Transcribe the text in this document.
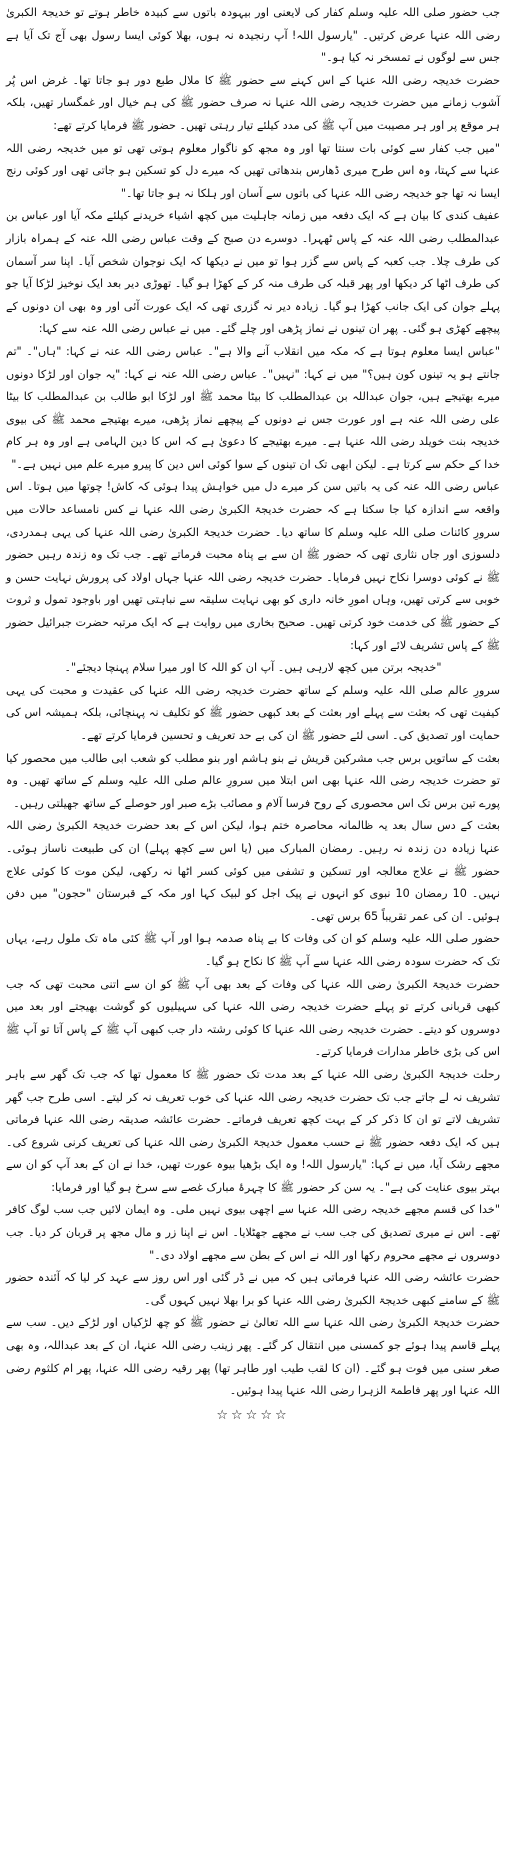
جب حضور صلی اللہ علیہ وسلم کفار کی لایعنی اور بیہودہ باتوں سے کبیدہ خاطر ہوتے تو خدیجۃ الکبریٰ رضی اللہ عنہا عرض کرتیں۔ "یارسول اللہ! آپ رنجیدہ نہ ہوں، بھلا کوئی ایسا رسول بھی آج تک آیا ہے جس سے لوگوں نے تمسخر نہ کیا ہو۔"

حضرت خدیجہ رضی اللہ عنہا کے اس کہنے سے حضور ﷺ کا ملال طبع دور ہو جاتا تھا۔ غرض اس پُر آشوب زمانے میں حضرت خدیجہ رضی اللہ عنہا نہ صرف حضور ﷺ کی ہم خیال اور غمگسار تھیں، بلکہ ہر موقع پر اور ہر مصیبت میں آپ ﷺ کی مدد کیلئے تیار رہتی تھیں۔ حضور ﷺ فرمایا کرتے تھے:

"میں جب کفار سے کوئی بات سنتا تھا اور وہ مجھ کو ناگوار معلوم ہوتی تھی تو میں خدیجہ رضی اللہ عنہا سے کہتا، وہ اس طرح میری ڈھارس بندھاتی تھیں کہ میرے دل کو تسکین ہو جاتی تھی اور کوئی رنج ایسا نہ تھا جو خدیجہ رضی اللہ عنہا کی باتوں سے آسان اور ہلکا نہ ہو جاتا تھا۔"

عفیف کندی کا بیان ہے کہ ایک دفعہ میں زمانہ جاہلیت میں کچھ اشیاء خریدنے کیلئے مکہ آیا اور عباس بن عبدالمطلب رضی اللہ عنہ کے پاس ٹھہرا۔ دوسرے دن صبح کے وقت عباس رضی اللہ عنہ کے ہمراہ بازار کی طرف چلا۔ جب کعبہ کے پاس سے گزر ہوا تو میں نے دیکھا کہ ایک نوجوان شخص آیا۔ اپنا سر آسمان کی طرف اٹھا کر دیکھا اور پھر قبلہ کی طرف منہ کر کے کھڑا ہو گیا۔ تھوڑی دیر بعد ایک نوخیز لڑکا آیا جو پہلے جوان کی ایک جانب کھڑا ہو گیا۔ زیادہ دیر نہ گزری تھی کہ ایک عورت آئی اور وہ بھی ان دونوں کے پیچھے کھڑی ہو گئی۔ پھر ان تینوں نے نماز پڑھی اور چلے گئے۔ میں نے عباس رضی اللہ عنہ سے کہا:

"عباس ایسا معلوم ہوتا ہے کہ مکہ میں انقلاب آنے والا ہے"۔ عباس رضی اللہ عنہ نے کہا: "ہاں"۔ "تم جانتے ہو یہ تینوں کون ہیں؟" میں نے کہا: "نہیں"۔ عباس رضی اللہ عنہ نے کہا: "یہ جوان اور لڑکا دونوں میرے بھتیجے ہیں، جوان عبداللہ بن عبدالمطلب کا بیٹا محمد ﷺ اور لڑکا ابو طالب بن عبدالمطلب کا بیٹا علی رضی اللہ عنہ ہے اور عورت جس نے دونوں کے پیچھے نماز پڑھی، میرے بھتیجے محمد ﷺ کی بیوی خدیجہ بنت خویلد رضی اللہ عنہا ہے۔ میرے بھتیجے کا دعویٰ ہے کہ اس کا دین الہامی ہے اور وہ ہر کام خدا کے حکم سے کرتا ہے۔ لیکن ابھی تک ان تینوں کے سوا کوئی اس دین کا پیرو میرے علم میں نہیں ہے۔"

عباس رضی اللہ عنہ کی یہ باتیں سن کر میرے دل میں خواہش پیدا ہوئی کہ کاش! چوتھا میں ہوتا۔ اس واقعہ سے اندازہ کیا جا سکتا ہے کہ حضرت خدیجۃ الکبریٰ رضی اللہ عنہا نے کس نامساعد حالات میں سرورِ کائنات صلی اللہ علیہ وسلم کا ساتھ دیا۔ حضرت خدیجۃ الکبریٰ رضی اللہ عنہا کی یہی ہمدردی، دلسوزی اور جاں نثاری تھی کہ حضور ﷺ ان سے بے پناہ محبت فرماتے تھے۔ جب تک وہ زندہ رہیں حضور ﷺ نے کوئی دوسرا نکاح نہیں فرمایا۔ حضرت خدیجہ رضی اللہ عنہا جہاں اولاد کی پرورش نہایت حسن و خوبی سے کرتی تھیں، وہاں امورِ خانہ داری کو بھی نہایت سلیقہ سے نباہتی تھیں اور باوجود تمول و ثروت کے حضور ﷺ کی خدمت خود کرتی تھیں۔ صحیح بخاری میں روایت ہے کہ ایک مرتبہ حضرت جبرائیل حضور ﷺ کے پاس تشریف لائے اور کہا:

"خدیجہ برتن میں کچھ لارہی ہیں۔ آپ ان کو اللہ کا اور میرا سلام پہنچا دیجئے"۔

سرورِ عالم صلی اللہ علیہ وسلم کے ساتھ حضرت خدیجہ رضی اللہ عنہا کی عقیدت و محبت کی یہی کیفیت تھی کہ بعثت سے پہلے اور بعثت کے بعد کبھی حضور ﷺ کو تکلیف نہ پہنچائی، بلکہ ہمیشہ اس کی حمایت اور تصدیق کی۔ اسی لئے حضور ﷺ ان کی بے حد تعریف و تحسین فرمایا کرتے تھے۔

بعثت کے ساتویں برس جب مشرکین قریش نے بنو ہاشم اور بنو مطلب کو شعب ابی طالب میں محصور کیا تو حضرت خدیجہ رضی اللہ عنہا بھی اس ابتلا میں سرورِ عالم صلی اللہ علیہ وسلم کے ساتھ تھیں۔ وہ پورے تین برس تک اس محصوری کے روح فرسا آلام و مصائب بڑے صبر اور حوصلے کے ساتھ جھیلتی رہیں۔

بعثت کے دس سال بعد یہ ظالمانہ محاصرہ ختم ہوا، لیکن اس کے بعد حضرت خدیجۃ الکبریٰ رضی اللہ عنہا زیادہ دن زندہ نہ رہیں۔ رمضان المبارک میں (یا اس سے کچھ پہلے) ان کی طبیعت ناساز ہوئی۔ حضور ﷺ نے علاج معالجہ اور تسکین و تشفی میں کوئی کسر اٹھا نہ رکھی، لیکن موت کا کوئی علاج نہیں۔ 10 رمضان 10 نبوی کو انہوں نے پیک اجل کو لبیک کہا اور مکہ کے قبرستان "حجون" میں دفن ہوئیں۔ ان کی عمر تقریباً 65 برس تھی۔

حضور صلی اللہ علیہ وسلم کو ان کی وفات کا بے پناہ صدمہ ہوا اور آپ ﷺ کئی ماہ تک ملول رہے، یہاں تک کہ حضرت سودہ رضی اللہ عنہا سے آپ ﷺ کا نکاح ہو گیا۔

حضرت خدیجۃ الکبریٰ رضی اللہ عنہا کی وفات کے بعد بھی آپ ﷺ کو ان سے اتنی محبت تھی کہ جب کبھی قربانی کرتے تو پہلے حضرت خدیجہ رضی اللہ عنہا کی سہیلیوں کو گوشت بھیجتے اور بعد میں دوسروں کو دیتے۔ حضرت خدیجہ رضی اللہ عنہا کا کوئی رشتہ دار جب کبھی آپ ﷺ کے پاس آتا تو آپ ﷺ اس کی بڑی خاطر مدارات فرمایا کرتے۔

رحلت خدیجۃ الکبریٰ رضی اللہ عنہا کے بعد مدت تک حضور ﷺ کا معمول تھا کہ جب تک گھر سے باہر تشریف نہ لے جاتے جب تک حضرت خدیجہ رضی اللہ عنہا کی خوب تعریف نہ کر لیتے۔ اسی طرح جب گھر تشریف لاتے تو ان کا ذکر کر کے بہت کچھ تعریف فرماتے۔ حضرت عائشہ صدیقہ رضی اللہ عنہا فرماتی ہیں کہ ایک دفعہ حضور ﷺ نے حسب معمول خدیجۃ الکبریٰ رضی اللہ عنہا کی تعریف کرنی شروع کی۔ مجھے رشک آیا، میں نے کہا: "یارسول اللہ! وہ ایک بڑھیا بیوہ عورت تھیں، خدا نے ان کے بعد آپ کو ان سے بہتر بیوی عنایت کی ہے"۔ یہ سن کر حضور ﷺ کا چہرۂ مبارک غصے سے سرخ ہو گیا اور فرمایا:

"خدا کی قسم مجھے خدیجہ رضی اللہ عنہا سے اچھی بیوی نہیں ملی۔ وہ ایمان لائیں جب سب لوگ کافر تھے۔ اس نے میری تصدیق کی جب سب نے مجھے جھٹلایا۔ اس نے اپنا زر و مال مجھ پر قربان کر دیا۔ جب دوسروں نے مجھے محروم رکھا اور اللہ نے اس کے بطن سے مجھے اولاد دی۔"

حضرت عائشہ رضی اللہ عنہا فرماتی ہیں کہ میں نے ڈر گئی اور اس روز سے عہد کر لیا کہ آئندہ حضور ﷺ کے سامنے کبھی خدیجۃ الکبریٰ رضی اللہ عنہا کو برا بھلا نہیں کہوں گی۔

حضرت خدیجۃ الکبریٰ رضی اللہ عنہا سے اللہ تعالیٰ نے حضور ﷺ کو چھ لڑکیاں اور لڑکے دیں۔ سب سے پہلے قاسم پیدا ہوئے جو کمسنی میں انتقال کر گئے۔ پھر زینب رضی اللہ عنہا، ان کے بعد عبداللہ، وہ بھی صغر سنی میں فوت ہو گئے۔ (ان کا لقب طیب اور طاہر تھا) پھر رقیہ رضی اللہ عنہا، پھر ام کلثوم رضی اللہ عنہا اور پھر فاطمۃ الزہرا رضی اللہ عنہا پیدا ہوئیں۔

☆☆☆☆☆
